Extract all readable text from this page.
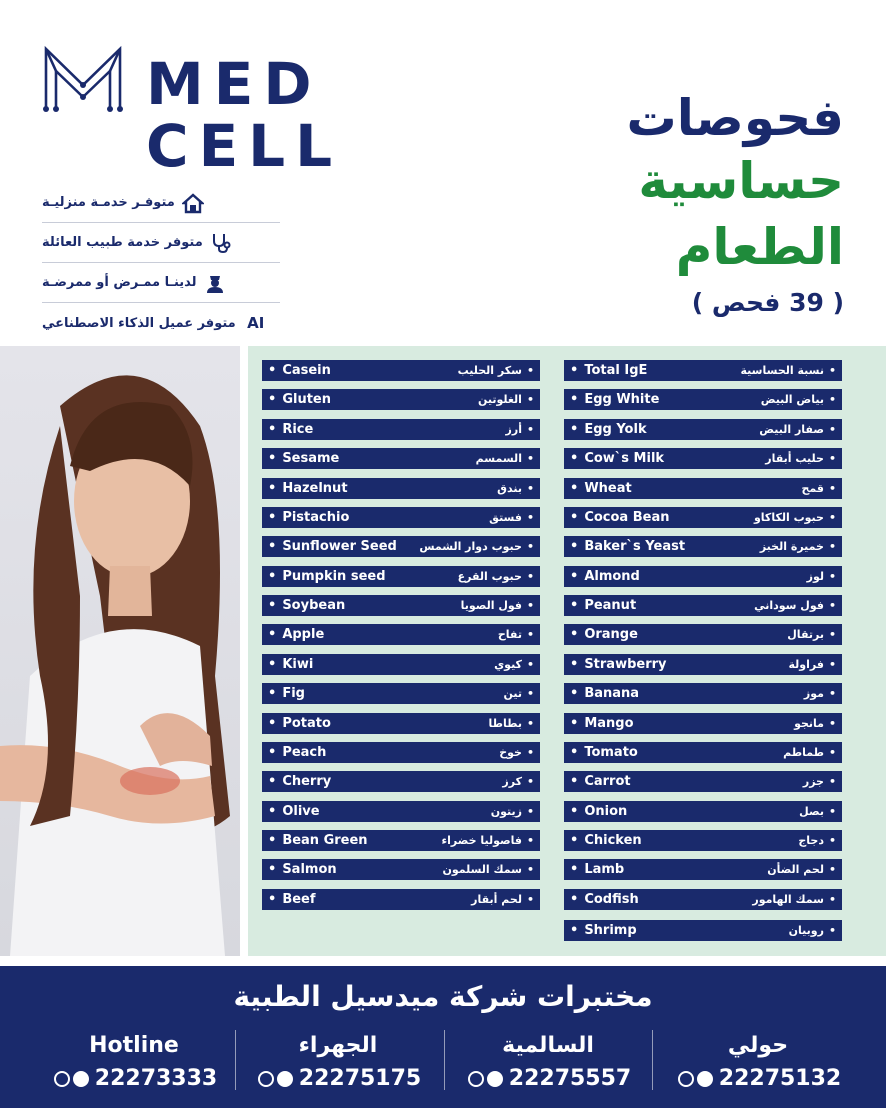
MED
CELL
متوفـر خدمـة منزليـة
متوفر خدمة طبيب العائلة
لدينـا ممـرض أو ممرضـة
AI
متوفر عميل الذكاء الاصطناعي
فحوصات
حساسية
الطعام
( 39 فحص )
• Casein	• سكر الحليب
• Gluten	• الغلوتين
• Rice	• أرز
• Sesame	• السمسم
• Hazelnut	• بندق
• Pistachio	• فستق
• Sunflower Seed • حبوب دوار الشمس
• Pumpkin seed	• حبوب القرع
• Soybean	• فول الصويا
• Apple	• تفاح
• Kiwi	• كيوي
• Fig	• تين
• Potato	• بطاطا
• Peach	• خوخ
• Cherry	• كرز
• Olive	• زيتون
• Bean Green	• فاصوليا خضراء
• Salmon	• سمك السلمون
• Beef	• لحم أبقار
• Total IgE	• نسبة الحساسية
• Egg White	• بياض البيض
• Egg Yolk	• صفار البيض
• Cow`s Milk	• حليب أبقار
• Wheat	• قمح
• Cocoa Bean	• حبوب الكاكاو
• Baker`s Yeast	• خميرة الخبز
• Almond	• لوز
• Peanut	• فول سوداني
• Orange	• برتقال
• Strawberry	• فراولة
• Banana	• موز
• Mango	• مانجو
• Tomato	• طماطم
• Carrot	• جزر
• Onion	• بصل
• Chicken	• دجاج
• Lamb	• لحم الضأن
• Codfish	• سمك الهامور
• Shrimp	• روبيان
مختبرات شركة ميدسيل الطبية
Hotline
22273333
الجهراء
22275175
السالمية
22275557
حولي
22275132
